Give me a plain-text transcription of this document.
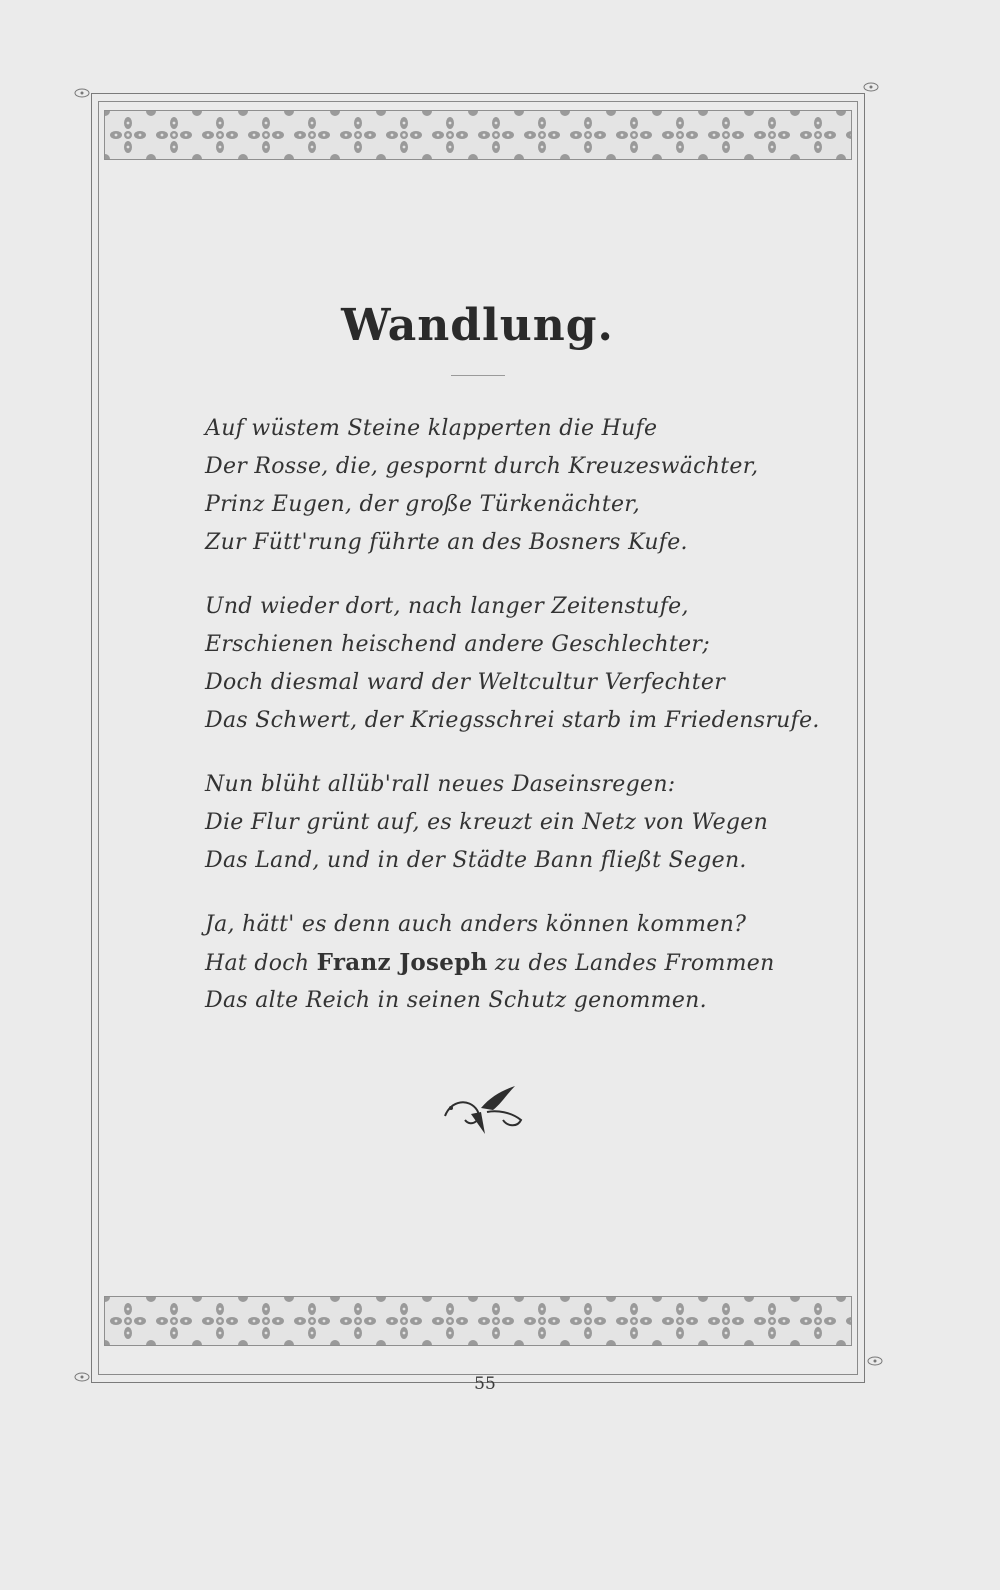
Wandlung.
Auf wüstem Steine klapperten die Hufe
Der Rosse, die, gespornt durch Kreuzeswächter,
Prinz Eugen, der große Türkenächter,
Zur Fütt'rung führte an des Bosners Kufe.
Und wieder dort, nach langer Zeitenstufe,
Erschienen heischend andere Geschlechter;
Doch diesmal ward der Weltcultur Verfechter
Das Schwert, der Kriegsschrei starb im Friedensrufe.
Nun blüht allüb'rall neues Daseinsregen:
Die Flur grünt auf, es kreuzt ein Netz von Wegen
Das Land, und in der Städte Bann fließt Segen.
Ja, hätt' es denn auch anders können kommen?
Hat doch Franz Joseph zu des Landes Frommen
Das alte Reich in seinen Schutz genommen.
55
